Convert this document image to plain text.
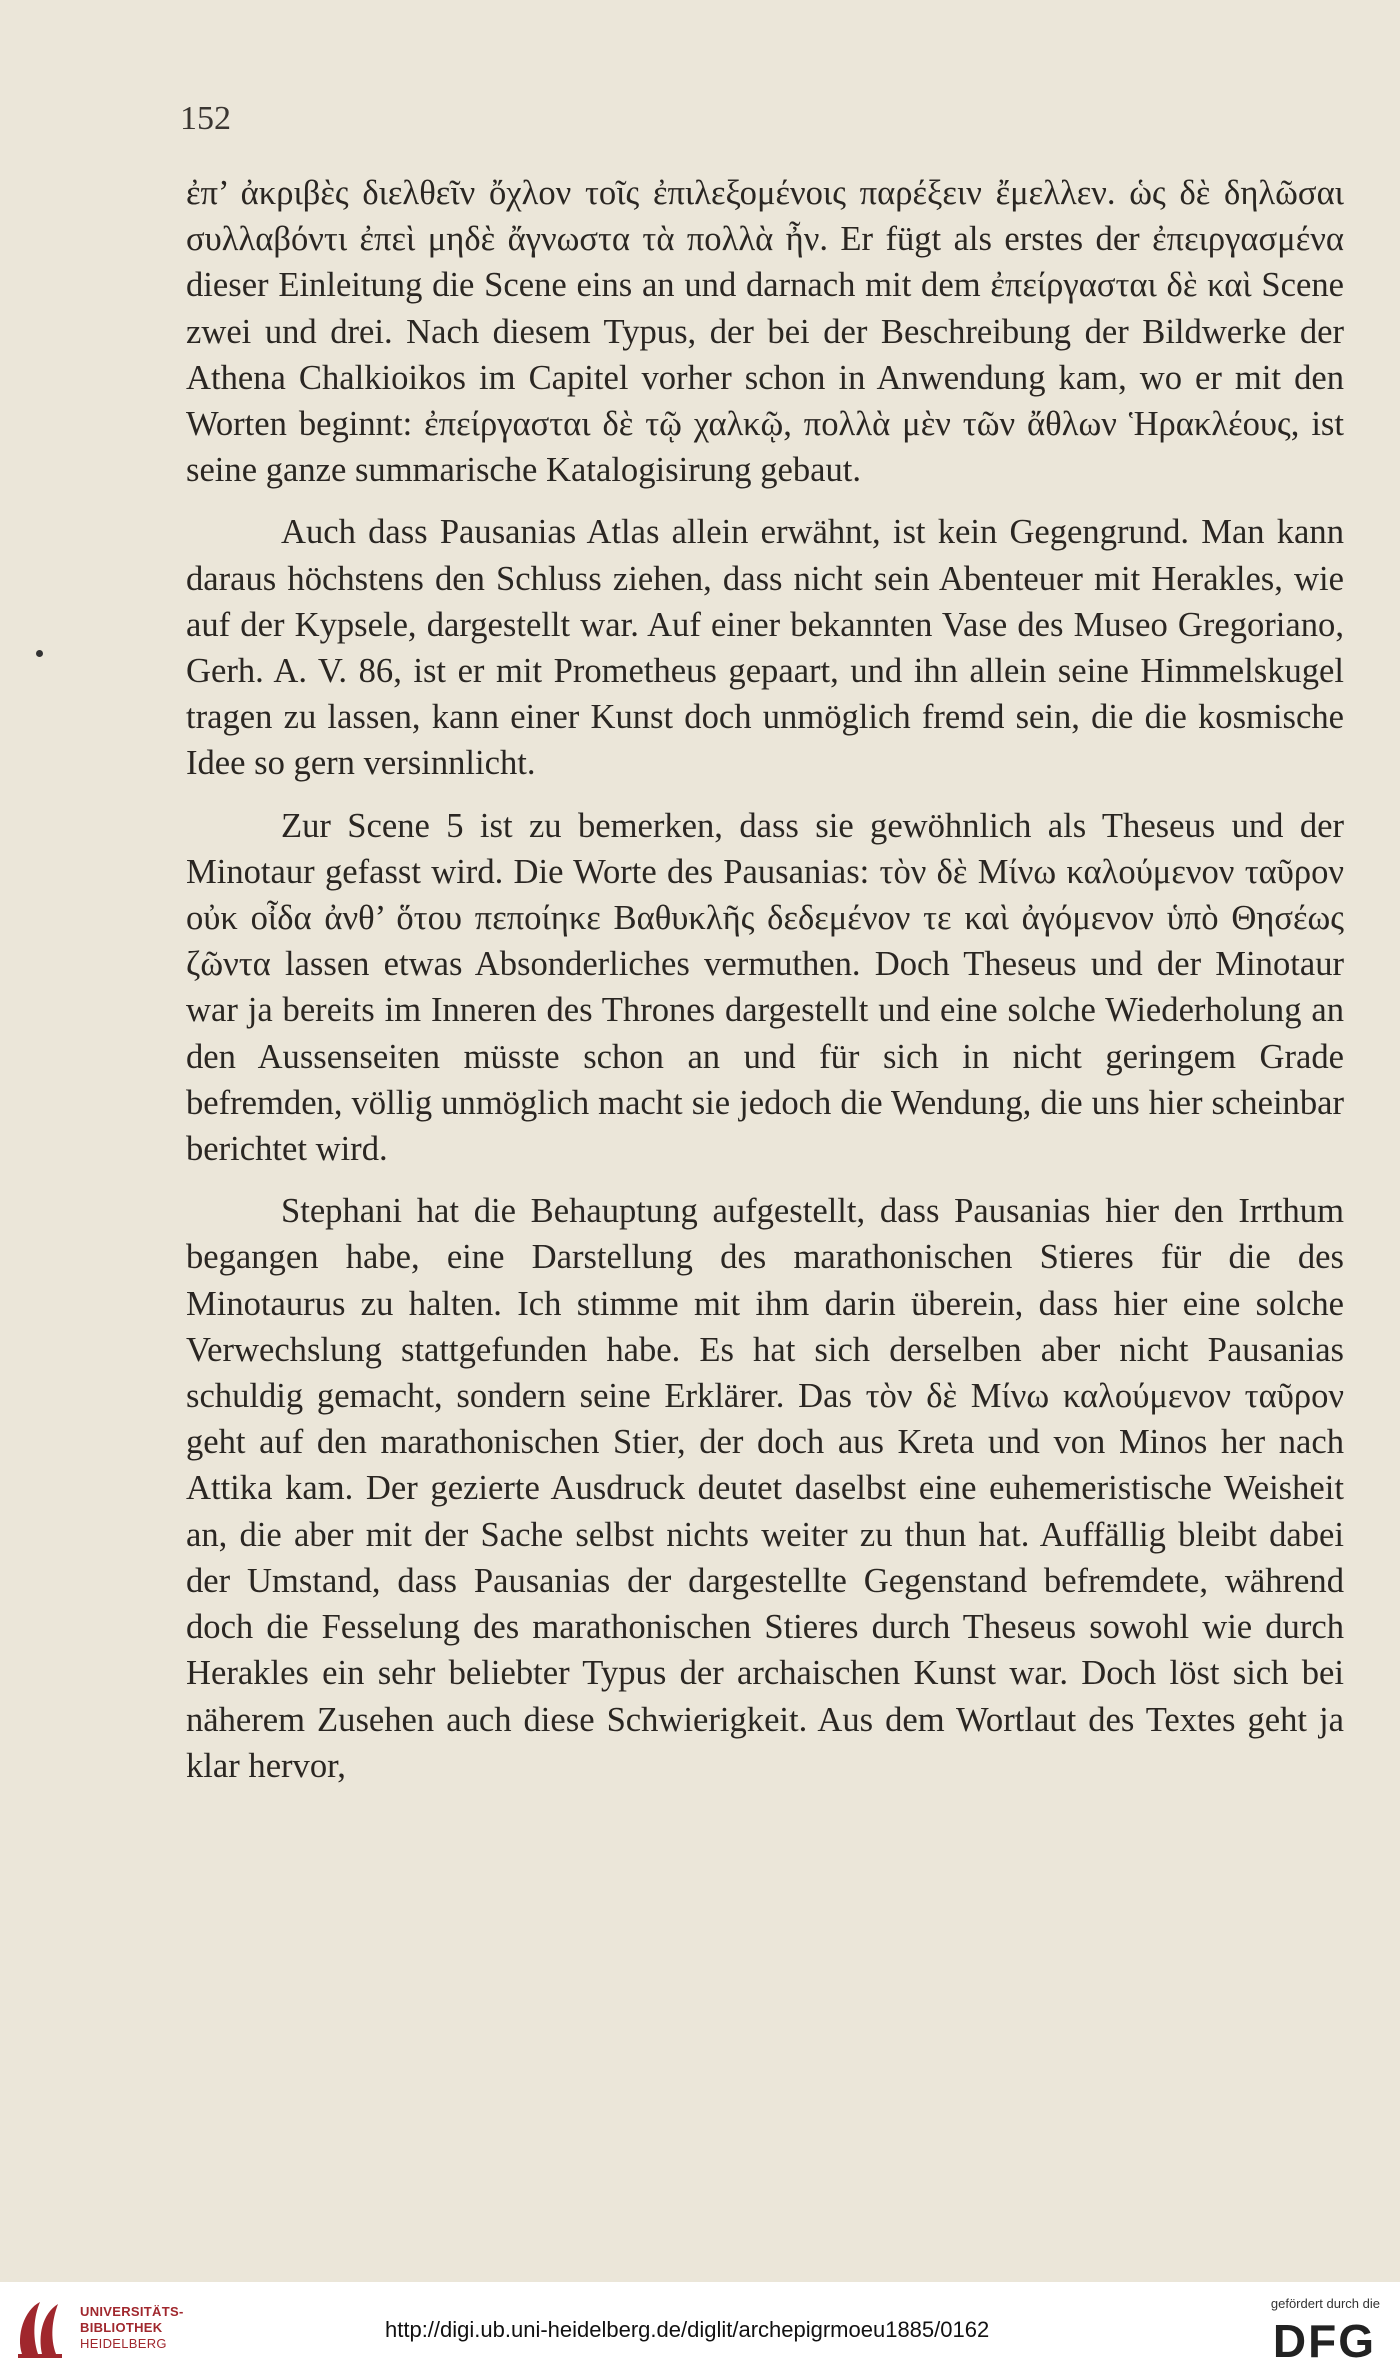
152

ἐπ’ ἀκριβὲς διελθεῖν ὄχλον τοῖς ἐπιλεξομένοις παρέξειν ἔμελλεν. ὡς δὲ δηλῶσαι συλλαβόντι ἐπεὶ μηδὲ ἄγνωστα τὰ πολλὰ ἦν. Er fügt als erstes der ἐπειργασμένα dieser Einleitung die Scene eins an und darnach mit dem ἐπείργασται δὲ καὶ Scene zwei und drei. Nach diesem Typus, der bei der Beschreibung der Bildwerke der Athena Chalkioikos im Capitel vorher schon in Anwendung kam, wo er mit den Worten beginnt: ἐπείργασται δὲ τῷ χαλκῷ, πολλὰ μὲν τῶν ἄθλων Ἡρακλέους, ist seine ganze summarische Katalogisirung gebaut.

Auch dass Pausanias Atlas allein erwähnt, ist kein Gegengrund. Man kann daraus höchstens den Schluss ziehen, dass nicht sein Abenteuer mit Herakles, wie auf der Kypsele, dargestellt war. Auf einer bekannten Vase des Museo Gregoriano, Gerh. A. V. 86, ist er mit Prometheus gepaart, und ihn allein seine Himmelskugel tragen zu lassen, kann einer Kunst doch unmöglich fremd sein, die die kosmische Idee so gern versinnlicht.

Zur Scene 5 ist zu bemerken, dass sie gewöhnlich als Theseus und der Minotaur gefasst wird. Die Worte des Pausanias: τὸν δὲ Μίνω καλούμενον ταῦρον οὐκ οἶδα ἀνθ’ ὅτου πεποίηκε Βαθυκλῆς δεδεμένον τε καὶ ἀγόμενον ὑπὸ Θησέως ζῶντα lassen etwas Absonderliches vermuthen. Doch Theseus und der Minotaur war ja bereits im Inneren des Thrones dargestellt und eine solche Wiederholung an den Aussenseiten müsste schon an und für sich in nicht geringem Grade befremden, völlig unmöglich macht sie jedoch die Wendung, die uns hier scheinbar berichtet wird.

Stephani hat die Behauptung aufgestellt, dass Pausanias hier den Irrthum begangen habe, eine Darstellung des marathonischen Stieres für die des Minotaurus zu halten. Ich stimme mit ihm darin überein, dass hier eine solche Verwechslung stattgefunden habe. Es hat sich derselben aber nicht Pausanias schuldig gemacht, sondern seine Erklärer. Das τὸν δὲ Μίνω καλούμενον ταῦρον geht auf den marathonischen Stier, der doch aus Kreta und von Minos her nach Attika kam. Der gezierte Ausdruck deutet daselbst eine euhemeristische Weisheit an, die aber mit der Sache selbst nichts weiter zu thun hat. Auffällig bleibt dabei der Umstand, dass Pausanias der dargestellte Gegenstand befremdete, während doch die Fesselung des marathonischen Stieres durch Theseus sowohl wie durch Herakles ein sehr beliebter Typus der archaischen Kunst war. Doch löst sich bei näherem Zusehen auch diese Schwierigkeit. Aus dem Wortlaut des Textes geht ja klar hervor,

UNIVERSITÄTS-
BIBLIOTHEK
HEIDELBERG
http://digi.ub.uni-heidelberg.de/diglit/archepigrmoeu1885/0162
gefördert durch die
DFG
